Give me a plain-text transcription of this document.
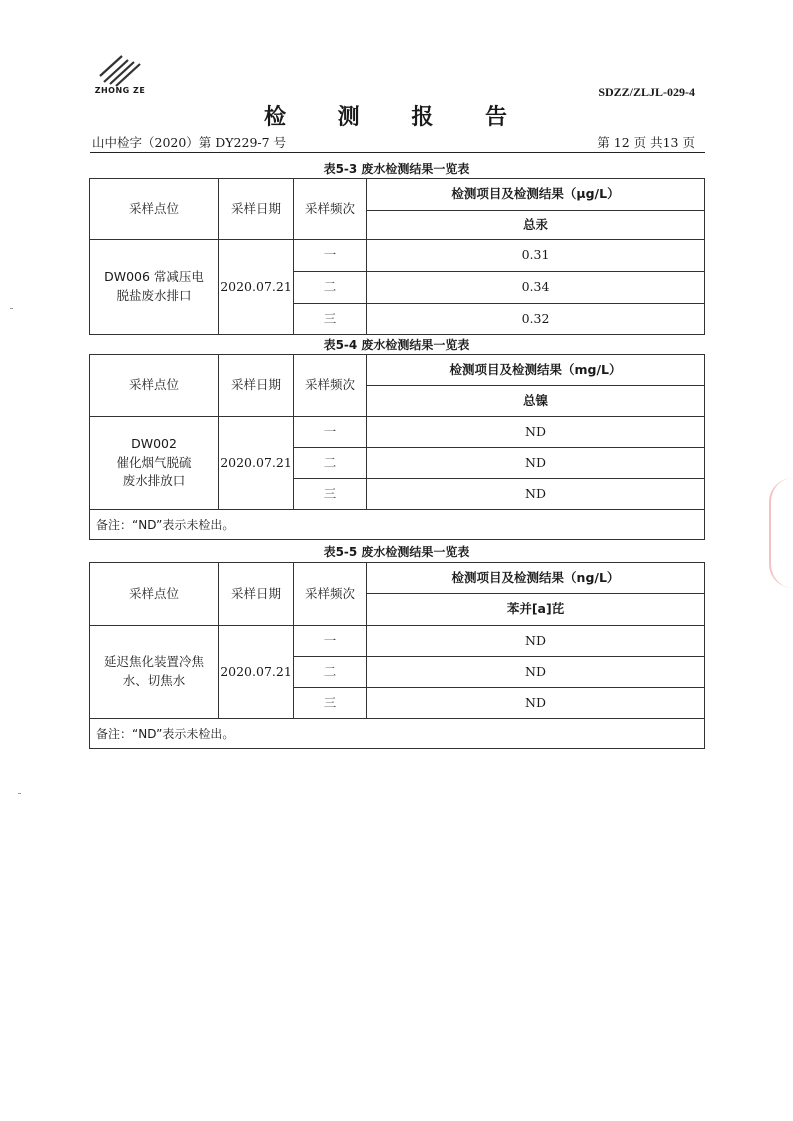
ZHONG ZE	SDZZ/ZLJL-029-4
检 测 报 告
山中检字（2020）第 DY229-7 号	第 12 页 共13 页
表5-3 废水检测结果一览表
采样点位	采样日期	采样频次	检测项目及检测结果（μg/L）
			总汞

DW006 常减压电
脱盐废水排口	2020.07.21	一	0.31
		二	0.34
		三	0.32
表5-4 废水检测结果一览表
采样点位	采样日期	采样频次	检测项目及检测结果（mg/L）
			总镍

DW002
催化烟气脱硫
废水排放口	2020.07.21	一	ND
		二	ND
		三	ND
备注：“ND”表示未检出。			
表5-5 废水检测结果一览表
采样点位	采样日期	采样频次	检测项目及检测结果（ng/L）
			苯并[a]芘

延迟焦化装置冷焦
水、切焦水	2020.07.21	一	ND
		二	ND
		三	ND
备注：“ND”表示未检出。			
